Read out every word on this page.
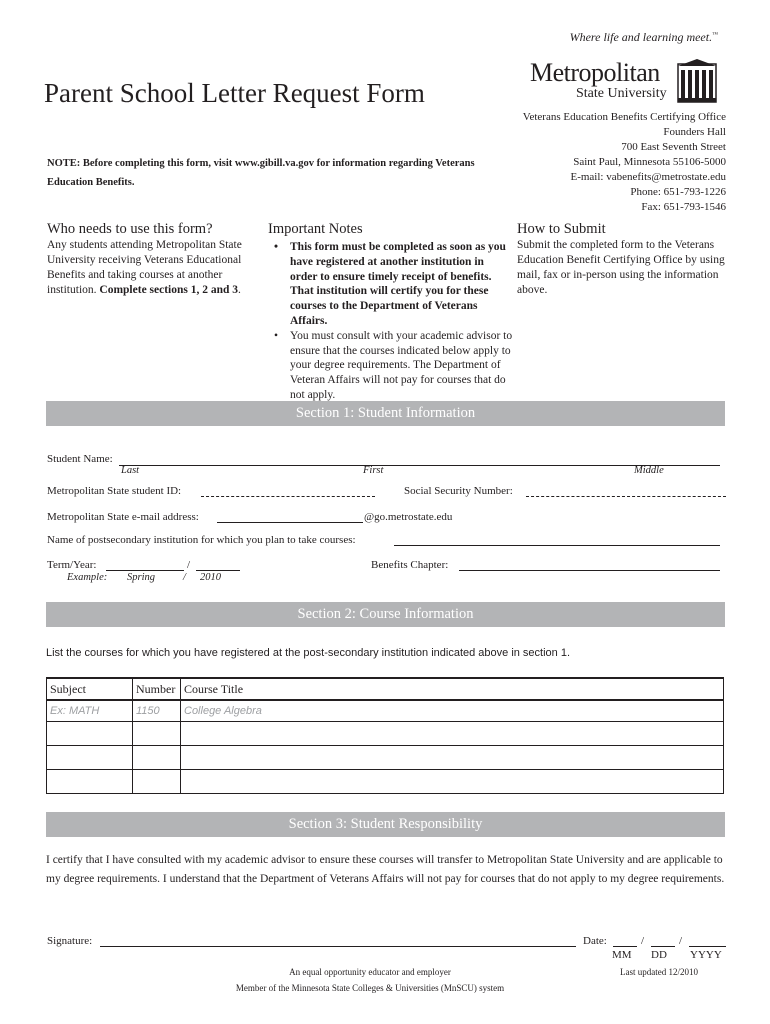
Where life and learning meet.™
Metropolitan
State University
Parent School Letter Request Form
Veterans Education Benefits Certifying Office
Founders Hall
700 East Seventh Street
Saint Paul, Minnesota 55106-5000
E-mail: vabenefits@metrostate.edu
Phone: 651-793-1226
Fax: 651-793-1546
NOTE: Before completing this form, visit www.gibill.va.gov for information regarding Veterans Education Benefits.
Who needs to use this form?
Any students attending Metropolitan State University receiving Veterans Educational Benefits and taking courses at another institution. Complete sections 1, 2 and 3.
Important Notes
• This form must be completed as soon as you have registered at another institution in order to ensure timely receipt of benefits. That institution will certify you for these courses to the Department of Veterans Affairs.
• You must consult with your academic advisor to ensure that the courses indicated below apply to your degree requirements. The Department of Veteran Affairs will not pay for courses that do not apply.
How to Submit
Submit the completed form to the Veterans Education Benefit Certifying Office by using mail, fax or in-person using the information above.
Section 1: Student Information
Student Name:
Last	First	Middle
Metropolitan State student ID:	Social Security Number:
Metropolitan State e-mail address:	@go.metrostate.edu
Name of postsecondary institution for which you plan to take courses:
Term/Year:	/
Example: Spring	/ 2010
Benefits Chapter:
Section 2: Course Information
List the courses for which you have registered at the post-secondary institution indicated above in section 1.
Subject	Number	Course Title
Ex: MATH	1150	College Algebra

Section 3: Student Responsibility
I certify that I have consulted with my academic advisor to ensure these courses will transfer to Metropolitan State University and are applicable to my degree requirements. I understand that the Department of Veterans Affairs will not pay for courses that do not apply to my degree requirements.
Signature:	Date:	/	/
MM DD YYYY
An equal opportunity educator and employer
Member of the Minnesota State Colleges & Universities (MnSCU) system
Last updated 12/2010
